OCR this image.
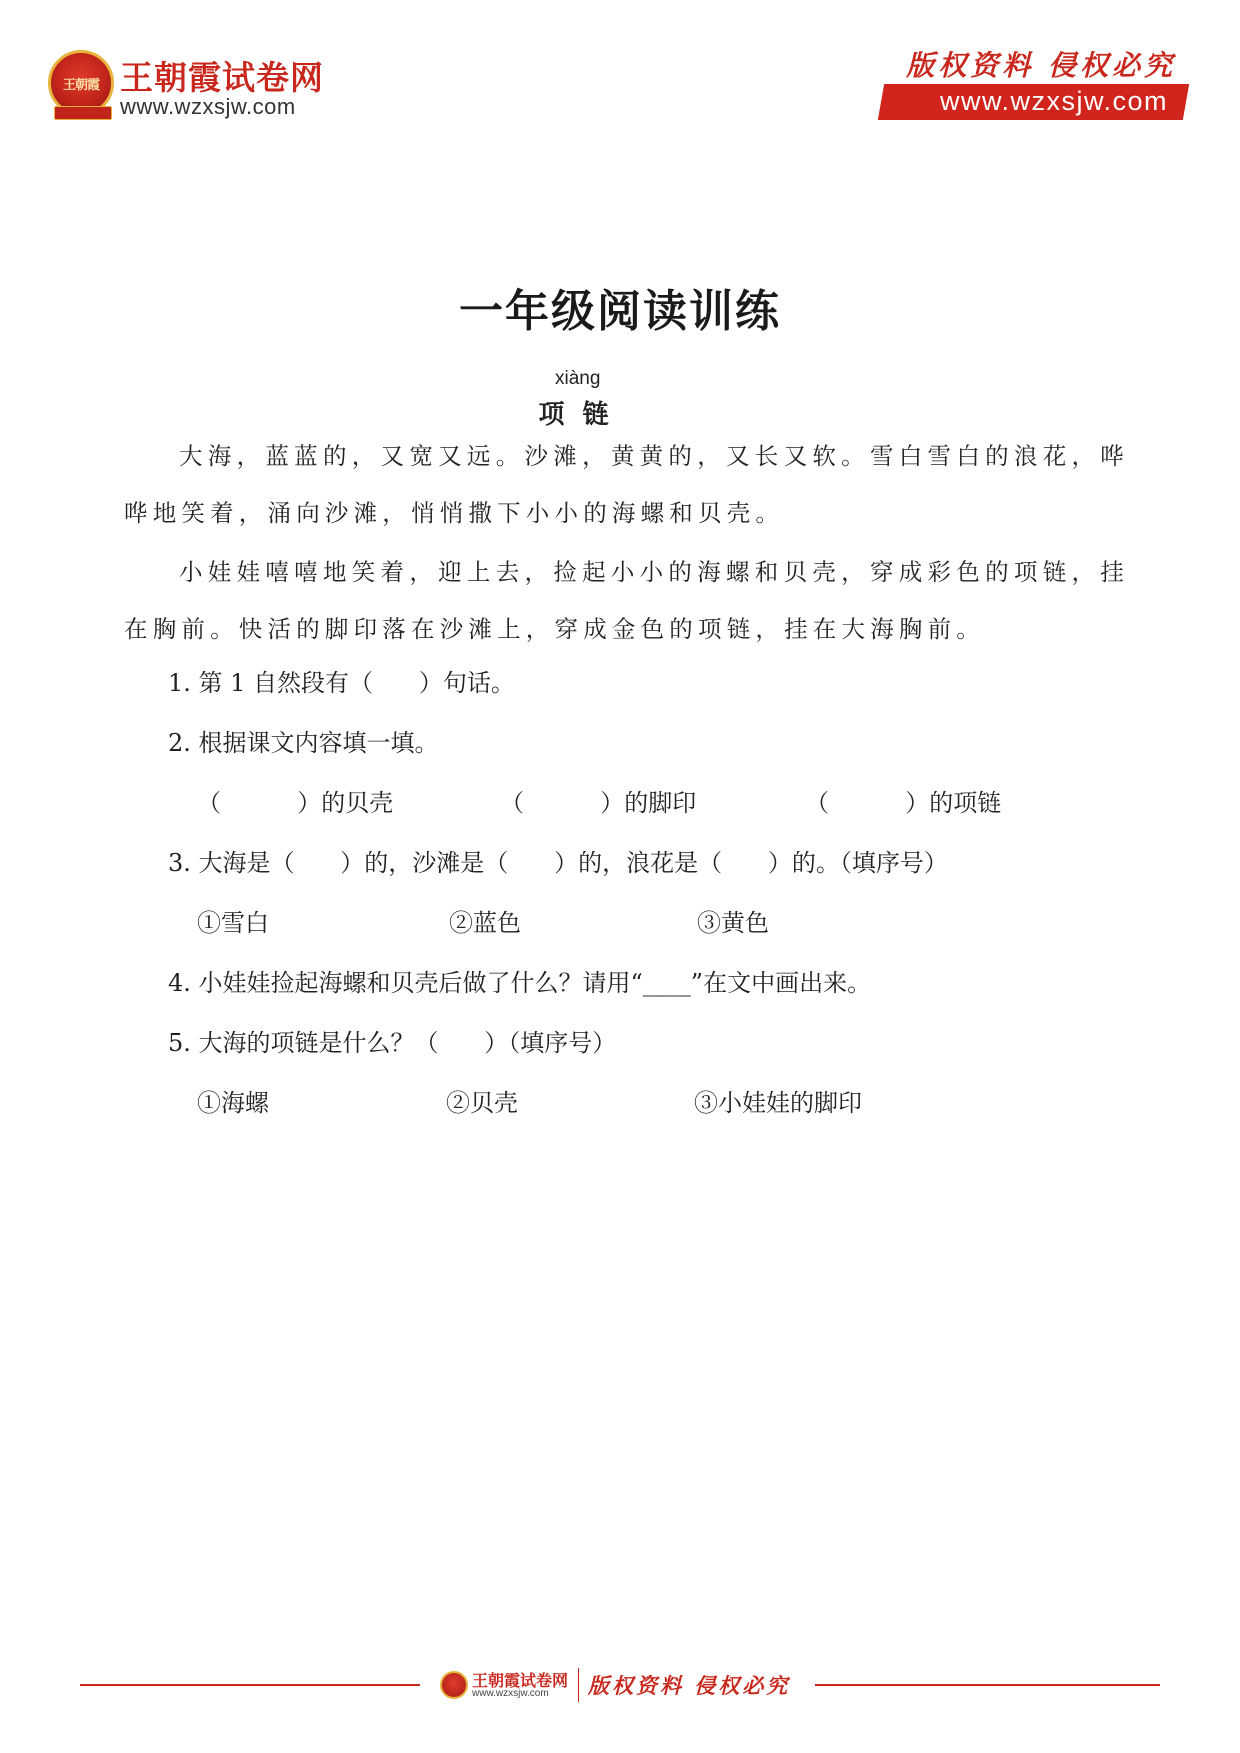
王朝霞 王朝霞试卷网
www.wzxsjw.com
版权资料 侵权必究
www.wzxsjw.com
一年级阅读训练
xiàng
项链

大海，蓝蓝的，又宽又远。沙滩，黄黄的，又长又软。雪白雪白的浪花，哗哗地笑着，涌向沙滩，悄悄撒下小小的海螺和贝壳。

小娃娃嘻嘻地笑着，迎上去，捡起小小的海螺和贝壳，穿成彩色的项链，挂在胸前。快活的脚印落在沙滩上，穿成金色的项链，挂在大海胸前。

1. 第 1 自然段有（      ）句话。
2. 根据课文内容填一填。
（          ）的贝壳	（          ）的脚印	（          ）的项链
3. 大海是（      ）的，沙滩是（      ）的，浪花是（      ）的。（填序号）
①雪白	②蓝色	③黄色
4. 小娃娃捡起海螺和贝壳后做了什么？请用“____”在文中画出来。
5. 大海的项链是什么？（      ）（填序号）
①海螺	②贝壳	③小娃娃的脚印
王朝霞试卷网
www.wzxsjw.com 版权资料 侵权必究
